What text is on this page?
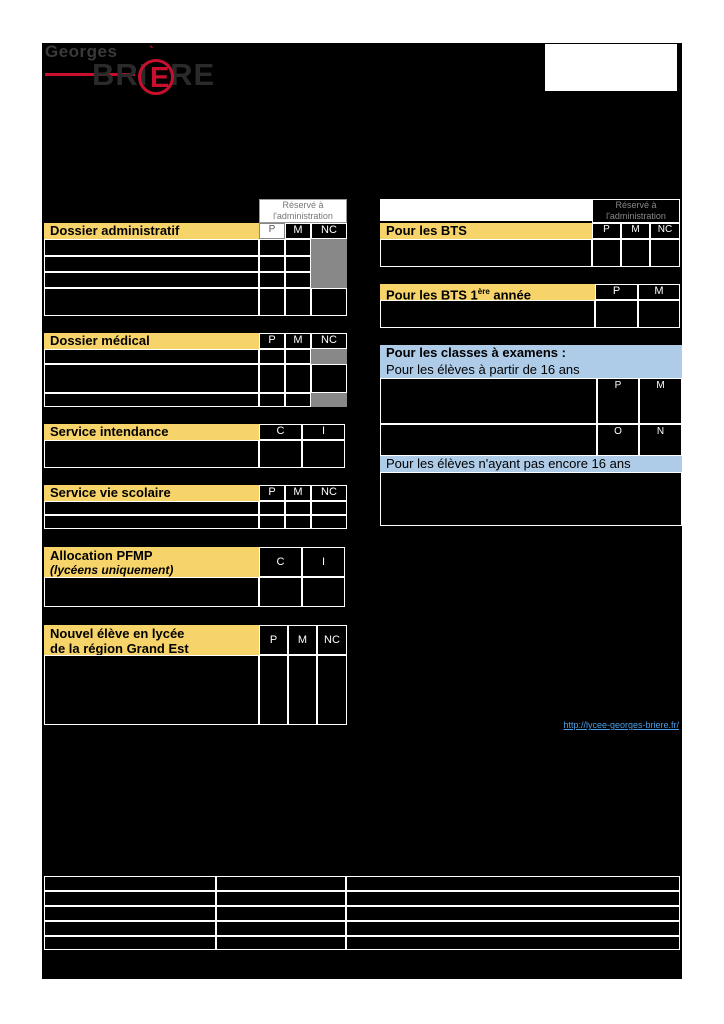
Georges
BRI RE
E
`
Réservé à l'administration
Dossier administratif	P	M	NC
Dossier médical	P	M	NC
Service intendance	C	I
Service vie scolaire	P	M	NC
Allocation PFMP
(lycéens uniquement)
C	I
Nouvel élève en lycée
de la région Grand Est
P	M	NC
Réservé à l'administration
Pour les BTS	P	M	NC
Pour les BTS 1ère année	P	M
Pour les classes à examens :
Pour les élèves à partir de 16 ans
P	M
O	N
Pour les élèves n'ayant pas encore 16 ans
http://lycee-georges-briere.fr/
